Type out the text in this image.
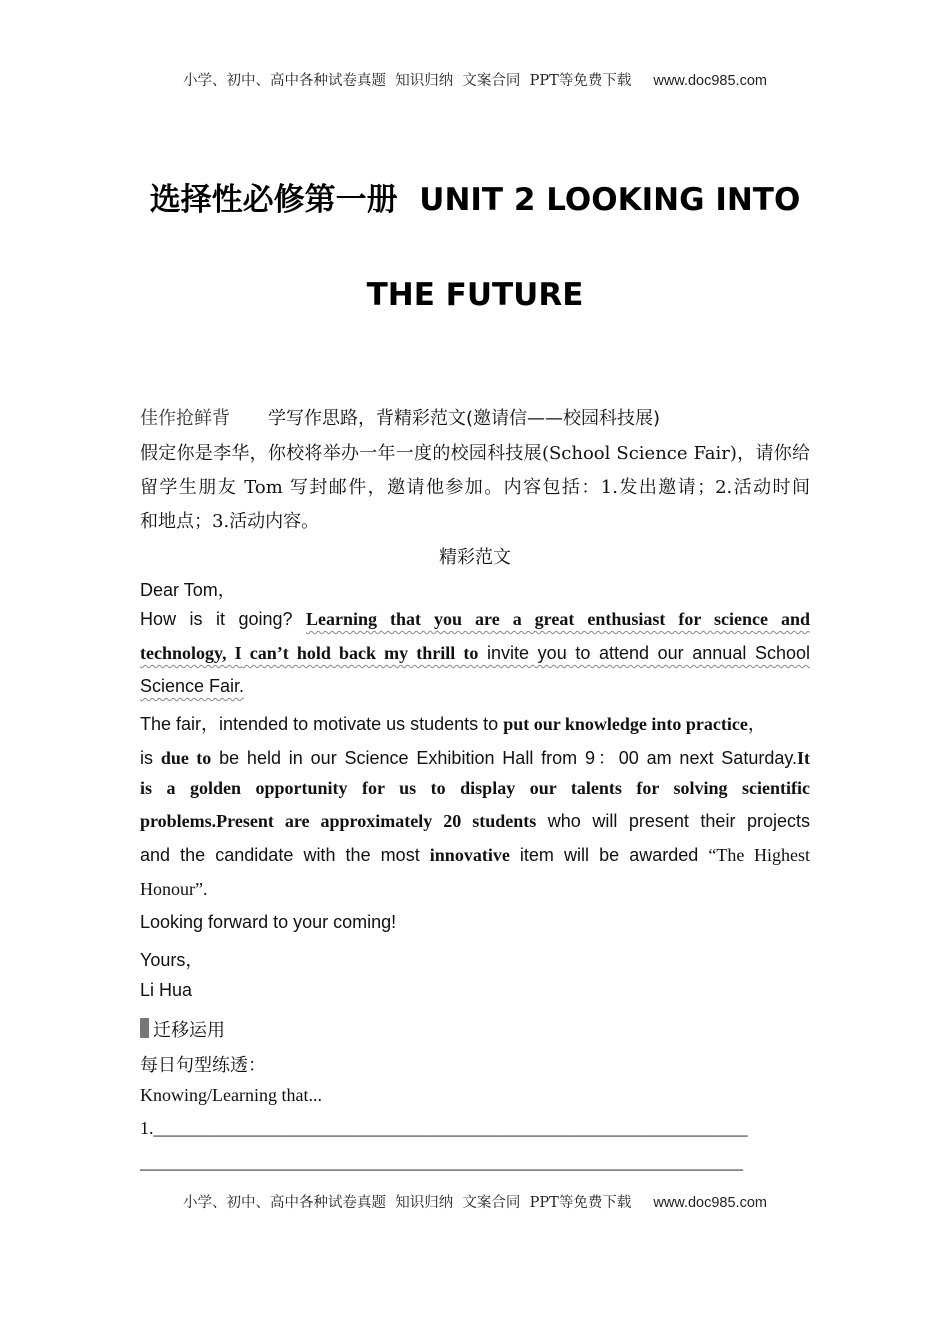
小学、初中、高中各种试卷真题  知识归纳  文案合同  PPT等免费下载 www.doc985.com
选择性必修第一册  UNIT 2 LOOKING INTO
THE FUTURE
佳作抢鲜背 学写作思路，背精彩范文(邀请信——校园科技展)
假定你是李华，你校将举办一年一度的校园科技展(School Science Fair)，请你给
留学生朋友 Tom 写封邮件，邀请他参加。内容包括：1.发出邀请；2.活动时间
和地点；3.活动内容。
精彩范文
Dear Tom，
How is it going? Learning that you are a great enthusiast for science and
technology, I can’t hold back my thrill to invite you to attend our annual School
Science Fair.
The fair，intended to motivate us students to put our knowledge into practice，
is due to be held in our Science Exhibition Hall from 9：00 am next Saturday.It
is a golden opportunity for us to display our talents for solving scientific
problems.Present are approximately 20 students who will present their projects
and the candidate with the most innovative item will be awarded “The Highest
Honour”.
Looking forward to your coming!
Yours，
Li Hua
迁移运用
每日句型练透：
Knowing/Learning that...
1.__________________________________________________________________
___________________________________________________________________
小学、初中、高中各种试卷真题  知识归纳  文案合同  PPT等免费下载 www.doc985.com
